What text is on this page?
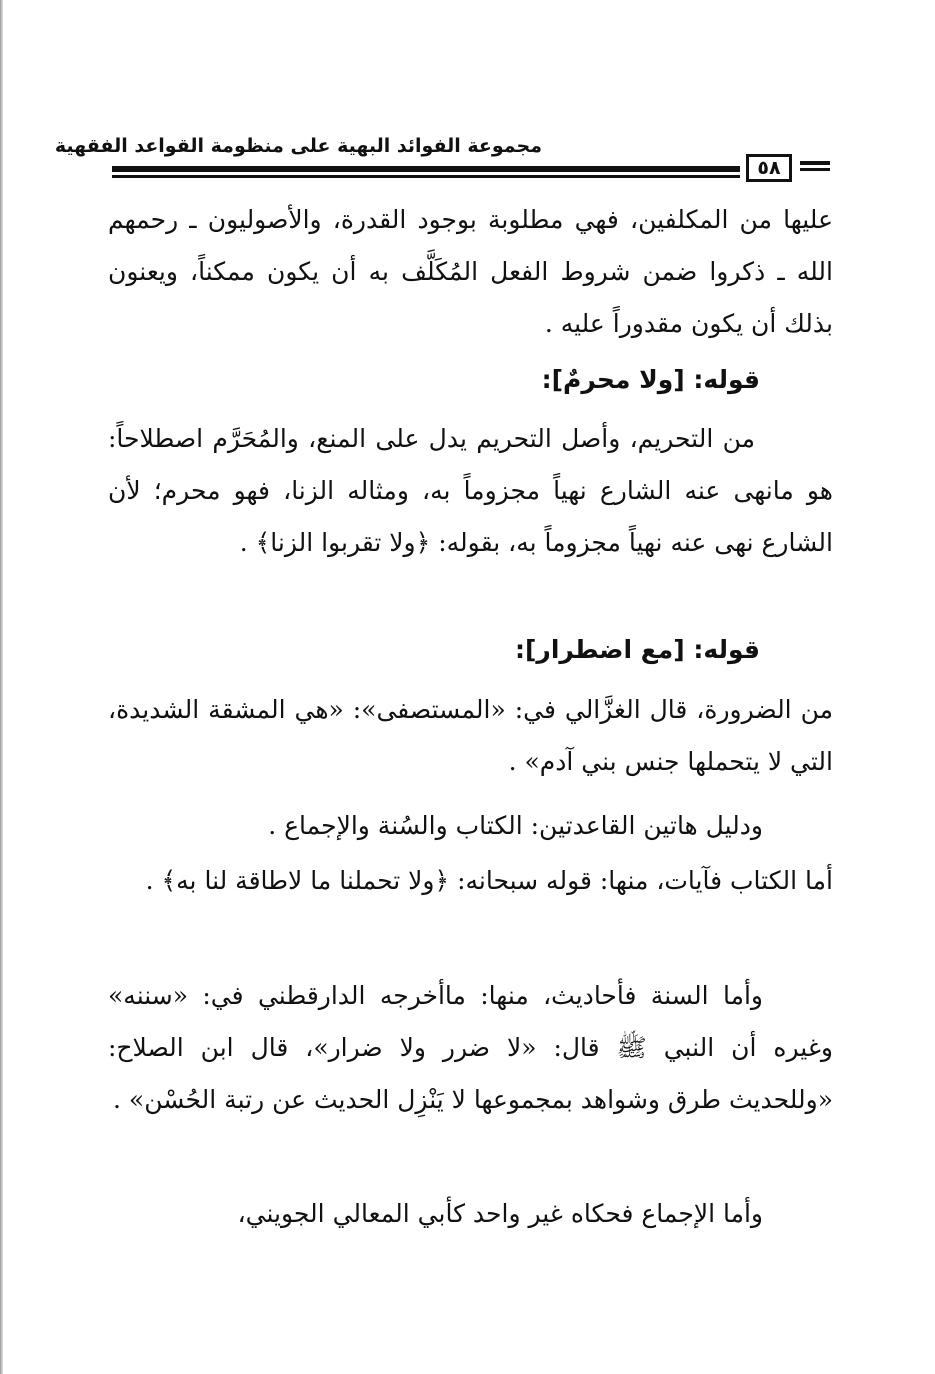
مجموعة الفوائد البهية على منظومة القواعد الفقهية
٥٨
عليها من المكلفين، فهي مطلوبة بوجود القدرة، والأصوليون ـ رحمهم الله ـ ذكروا ضمن شروط الفعل المُكَلَّف به أن يكون ممكناً، ويعنون بذلك أن يكون مقدوراً عليه .
قوله: [ولا محرمٌ]:
من التحريم، وأصل التحريم يدل على المنع، والمُحَرَّم اصطلاحاً: هو مانهى عنه الشارع نهياً مجزوماً به، ومثاله الزنا، فهو محرم؛ لأن الشارع نهى عنه نهياً مجزوماً به، بقوله: ﴿ولا تقربوا الزنا﴾ .
قوله: [مع اضطرار]:
من الضرورة، قال الغزَّالي في: «المستصفى»: «هي المشقة الشديدة، التي لا يتحملها جنس بني آدم» .
ودليل هاتين القاعدتين: الكتاب والسُنة والإجماع .
أما الكتاب فآيات، منها: قوله سبحانه: ﴿ولا تحملنا ما لاطاقة لنا به﴾ .
وأما السنة فأحاديث، منها: ماأخرجه الدارقطني في: «سننه» وغيره أن النبي ﷺ قال: «لا ضرر ولا ضرار»، قال ابن الصلاح: «وللحديث طرق وشواهد بمجموعها لا يَنْزِل الحديث عن رتبة الحُسْن» .
وأما الإجماع فحكاه غير واحد كأبي المعالي الجويني،
